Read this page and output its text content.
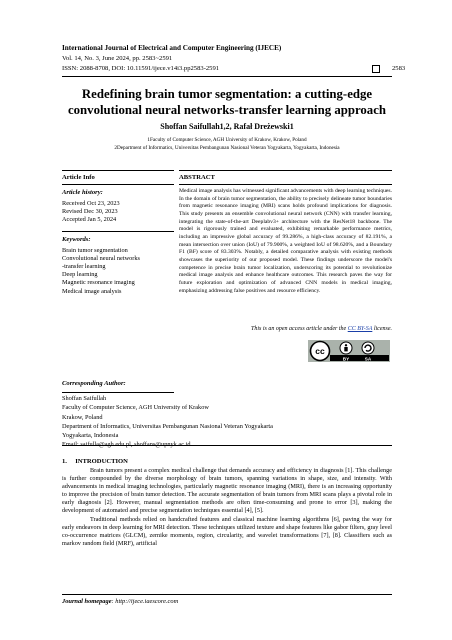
International Journal of Electrical and Computer Engineering (IJECE)
Vol. 14, No. 3, June 2024, pp. 2583~2591
ISSN: 2088-8708, DOI: 10.11591/ijece.v14i3.pp2583-2591	2583
Redefining brain tumor segmentation: a cutting-edge
convolutional neural networks-transfer learning approach
Shoffan Saifullah1,2, Rafał Dreżewski1
1Faculty of Computer Science, AGH University of Krakow, Krakow, Poland
2Department of Informatics, Universitas Pembangunan Nasional Veteran Yogyakarta, Yogyakarta, Indonesia
Article Info
Article history:
Received Oct 23, 2023
Revised Dec 30, 2023
Accepted Jan 5, 2024
Keywords:
Brain tumor segmentation
Convolutional neural networks
-transfer learning
Deep learning
Magnetic resonance imaging
Medical image analysis
ABSTRACT
Medical image analysis has witnessed significant advancements with deep learning techniques. In the domain of brain tumor segmentation, the ability to precisely delineate tumor boundaries from magnetic resonance imaging (MRI) scans holds profound implications for diagnosis. This study presents an ensemble convolutional neural network (CNN) with transfer learning, integrating the state-of-the-art Deeplabv3+ architecture with the ResNet18 backbone. The model is rigorously trained and evaluated, exhibiting remarkable performance metrics, including an impressive global accuracy of 99.286%, a high-class accuracy of 82.191%, a mean intersection over union (IoU) of 79.900%, a weighted IoU of 98.620%, and a Boundary F1 (BF) score of 83.303%. Notably, a detailed comparative analysis with existing methods showcases the superiority of our proposed model. These findings underscore the model's competence in precise brain tumor localization, underscoring its potential to revolutionize medical image analysis and enhance healthcare outcomes. This research paves the way for future exploration and optimization of advanced CNN models in medical imaging, emphasizing addressing false positives and resource efficiency.
This is an open access article under the CC BY-SA license.
cc
BY	SA
Corresponding Author:
Shoffan Saifullah
Faculty of Computer Science, AGH University of Krakow
Krakow, Poland
Department of Informatics, Universitas Pembangunan Nasional Veteran Yogyakarta
Yogyakarta, Indonesia
Email: saifulla@agh.edu.pl, shoffans@upnyk.ac.id
1.     INTRODUCTION

Brain tumors present a complex medical challenge that demands accuracy and efficiency in diagnosis [1]. This challenge is further compounded by the diverse morphology of brain tumors, spanning variations in shape, size, and intensity. With advancements in medical imaging technologies, particularly magnetic resonance imaging (MRI), there is an increasing opportunity to improve the precision of brain tumor detection. The accurate segmentation of brain tumors from MRI scans plays a pivotal role in early diagnosis [2]. However, manual segmentation methods are often time-consuming and prone to error [3], making the development of automated and precise segmentation techniques essential [4], [5].

Traditional methods relied on handcrafted features and classical machine learning algorithms [6], paving the way for early endeavors in deep learning for MRI detection. These techniques utilized texture and shape features like gabor filters, gray level co-occurrence matrices (GLCM), zernike moments, region, circularity, and wavelet transformations [7], [8]. Classifiers such as markov random field (MRF), artificial

Journal homepage: http://ijece.iaescore.com
